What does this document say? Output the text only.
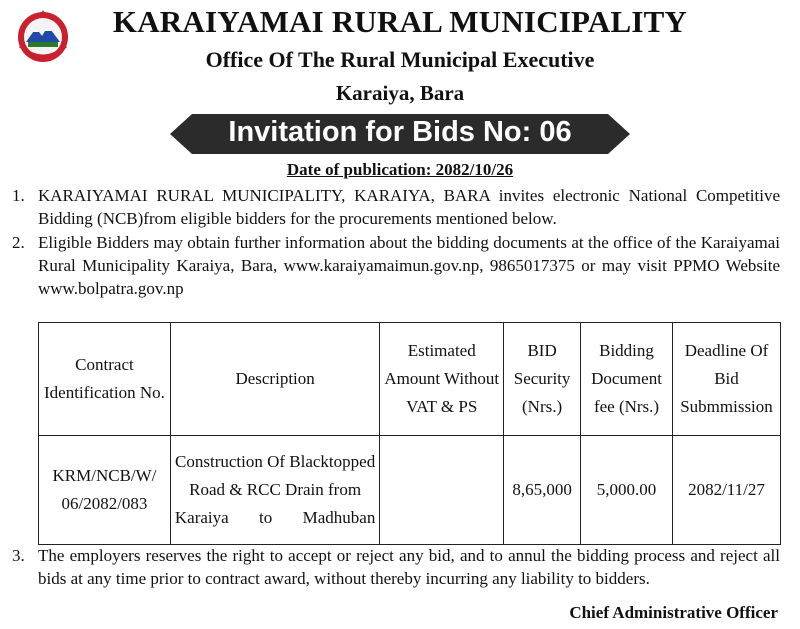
KARAIYAMAI RURAL MUNICIPALITY
Office Of The Rural Municipal Executive
Karaiya, Bara
Invitation for Bids No: 06
Date of publication: 2082/10/26
1. KARAIYAMAI RURAL MUNICIPALITY, KARAIYA, BARA invites electronic National Competitive Bidding (NCB)from eligible bidders for the procurements mentioned below.
2. Eligible Bidders may obtain further information about the bidding documents at the office of the Karaiyamai Rural Municipality Karaiya, Bara, www.karaiyamaimun.gov.np, 9865017375 or may visit PPMO Website www.bolpatra.gov.np
Contract Identification No.	Description	Estimated Amount Without VAT & PS	BID Security (Nrs.)	Bidding Document fee (Nrs.)	Deadline Of Bid Submmission
KRM/NCB/W/ 06/2082/083	Construction Of Blacktopped Road & RCC Drain from Karaiya to Madhuban		8,65,000	5,000.00	2082/11/27
3. The employers reserves the right to accept or reject any bid, and to annul the bidding process and reject all bids at any time prior to contract award, without thereby incurring any liability to bidders.
Chief Administrative Officer
